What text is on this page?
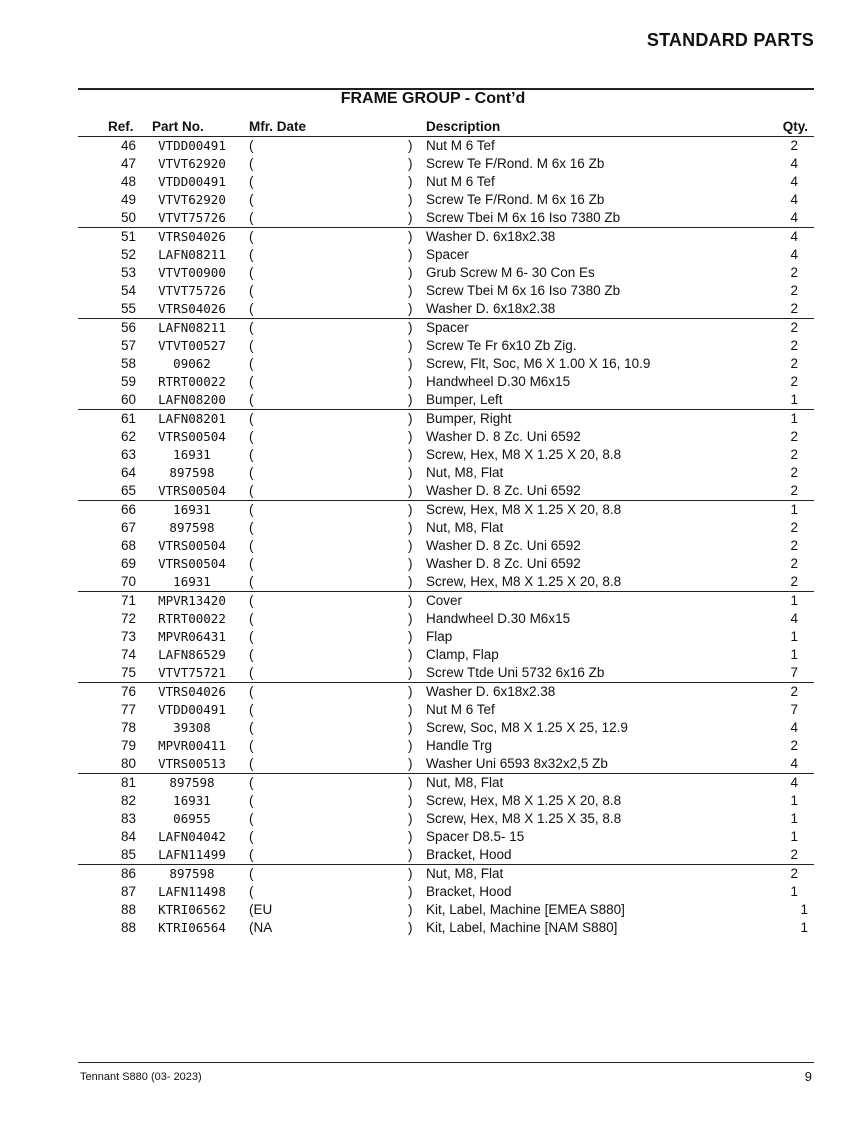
STANDARD PARTS
FRAME GROUP - Cont’d
Ref. Part No.	Mfr. Date	Description	Qty.
46 VTDD00491 (	) Nut M 6 Tef	2
47 VTVT62920 (	) Screw Te F/Rond. M 6x 16 Zb	4
48 VTDD00491 (	) Nut M 6 Tef	4
49 VTVT62920 (	) Screw Te F/Rond. M 6x 16 Zb	4
50 VTVT75726 (	) Screw Tbei M 6x 16 Iso 7380 Zb	4
51 VTRS04026 (	) Washer D. 6x18x2.38	4
52 LAFN08211 (	) Spacer	4
53 VTVT00900 (	) Grub Screw M 6- 30 Con Es	2
54 VTVT75726 (	) Screw Tbei M 6x 16 Iso 7380 Zb	2
55 VTRS04026 (	) Washer D. 6x18x2.38	2
56 LAFN08211 (	) Spacer	2
57 VTVT00527 (	) Screw Te Fr 6x10 Zb Zig.	2
58	09062	(	) Screw, Flt, Soc, M6 X 1.00 X 16, 10.9	2
59 RTRT00022 (	) Handwheel D.30 M6x15	2
60 LAFN08200 (	) Bumper, Left	1
61 LAFN08201 (	) Bumper, Right	1
62 VTRS00504 (	) Washer D. 8 Zc. Uni 6592	2
63	16931	(	) Screw, Hex, M8 X 1.25 X 20, 8.8	2
64	897598	(	) Nut, M8, Flat	2
65 VTRS00504 (	) Washer D. 8 Zc. Uni 6592	2
66	16931	(	) Screw, Hex, M8 X 1.25 X 20, 8.8	1
67	897598	(	) Nut, M8, Flat	2
68 VTRS00504 (	) Washer D. 8 Zc. Uni 6592	2
69 VTRS00504 (	) Washer D. 8 Zc. Uni 6592	2
70	16931	(	) Screw, Hex, M8 X 1.25 X 20, 8.8	2
71 MPVR13420 (	) Cover	1
72 RTRT00022 (	) Handwheel D.30 M6x15	4
73 MPVR06431 (	) Flap	1
74 LAFN86529 (	) Clamp, Flap	1
75 VTVT75721 (	) Screw Ttde Uni 5732 6x16 Zb	7
76 VTRS04026 (	) Washer D. 6x18x2.38	2
77 VTDD00491 (	) Nut M 6 Tef	7
78	39308	(	) Screw, Soc, M8 X 1.25 X 25, 12.9	4
79 MPVR00411 (	) Handle Trg	2
80 VTRS00513 (	) Washer Uni 6593 8x32x2,5 Zb	4
81	897598	(	) Nut, M8, Flat	4
82	16931	(	) Screw, Hex, M8 X 1.25 X 20, 8.8	1
83	06955	(	) Screw, Hex, M8 X 1.25 X 35, 8.8	1
84 LAFN04042 (	) Spacer D8.5- 15	1
85 LAFN11499 (	) Bracket, Hood	2
86	897598	(	) Nut, M8, Flat	2
87 LAFN11498 (	) Bracket, Hood	1
88 KTRI06562 (EU	) Kit, Label, Machine [EMEA S880]	1
88 KTRI06564 (NA	) Kit, Label, Machine [NAM S880]	1
Tennant S880 (03- 2023)	9
